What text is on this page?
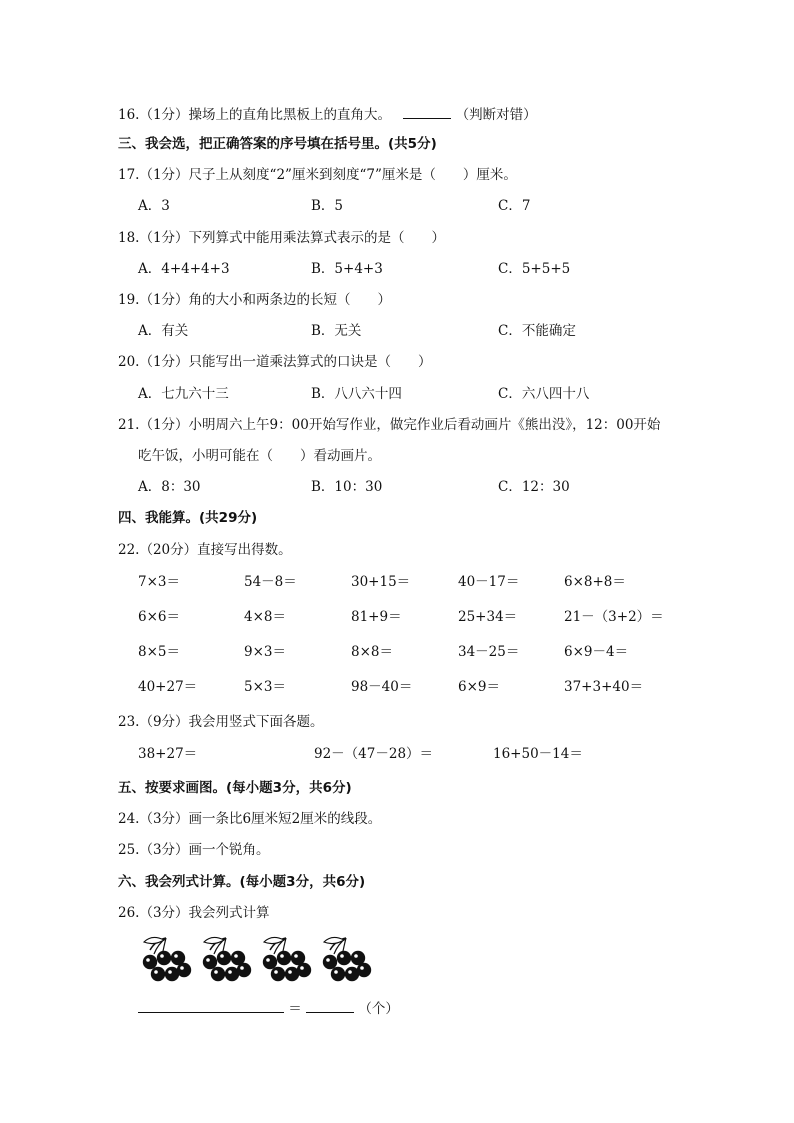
16.（1分）操场上的直角比黑板上的直角大。	（判断对错）
三、我会选，把正确答案的序号填在括号里。(共5分)
17.（1分）尺子上从刻度“2”厘米到刻度“7”厘米是（　　）厘米。
A．3	B．5	C．7
18.（1分）下列算式中能用乘法算式表示的是（　　）
A．4+4+4+3	B．5+4+3	C．5+5+5
19.（1分）角的大小和两条边的长短（　　）
A．有关	B．无关	C．不能确定
20.（1分）只能写出一道乘法算式的口诀是（　　）
A．七九六十三	B．八八六十四	C．六八四十八
21.（1分）小明周六上午9：00开始写作业，做完作业后看动画片《熊出没》，12：00开始
吃午饭，小明可能在（　　）看动画片。
A．8：30	B．10：30	C．12：30
四、我能算。(共29分)
22.（20分）直接写出得数。
7×3＝	54－8＝	30+15＝	40－17＝	6×8+8＝
6×6＝	4×8＝	81+9＝	25+34＝	21－（3+2）＝
8×5＝	9×3＝	8×8＝	34－25＝	6×9－4＝
40+27＝	5×3＝	98－40＝	6×9＝	37+3+40＝
23.（9分）我会用竖式下面各题。
38+27＝	92－（47－28）＝	16+50－14＝
五、按要求画图。(每小题3分，共6分)
24.（3分）画一条比6厘米短2厘米的线段。
25.（3分）画一个锐角。
六、我会列式计算。(每小题3分，共6分)
26.（3分）我会列式计算
＝	（个）
